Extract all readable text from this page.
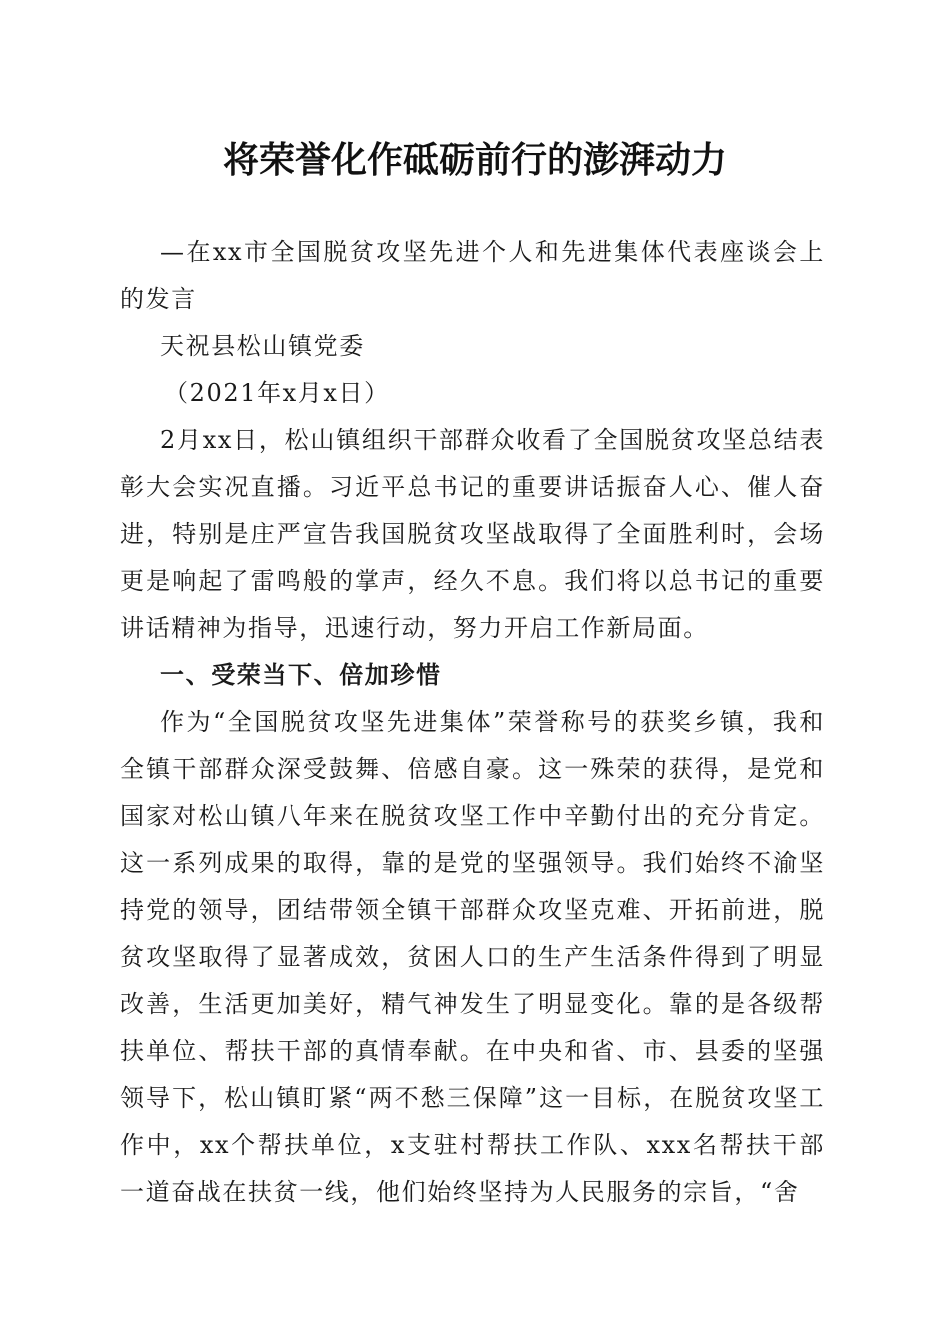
将荣誉化作砥砺前行的澎湃动力

—在xx市全国脱贫攻坚先进个人和先进集体代表座谈会上的发言

天祝县松山镇党委

（2021年x月x日）

2月xx日，松山镇组织干部群众收看了全国脱贫攻坚总结表彰大会实况直播。习近平总书记的重要讲话振奋人心、催人奋进，特别是庄严宣告我国脱贫攻坚战取得了全面胜利时，会场更是响起了雷鸣般的掌声，经久不息。我们将以总书记的重要讲话精神为指导，迅速行动，努力开启工作新局面。

一、受荣当下、倍加珍惜

作为“全国脱贫攻坚先进集体”荣誉称号的获奖乡镇，我和全镇干部群众深受鼓舞、倍感自豪。这一殊荣的获得，是党和国家对松山镇八年来在脱贫攻坚工作中辛勤付出的充分肯定。这一系列成果的取得，靠的是党的坚强领导。我们始终不渝坚持党的领导，团结带领全镇干部群众攻坚克难、开拓前进，脱贫攻坚取得了显著成效，贫困人口的生产生活条件得到了明显改善，生活更加美好，精气神发生了明显变化。靠的是各级帮扶单位、帮扶干部的真情奉献。在中央和省、市、县委的坚强领导下，松山镇盯紧“两不愁三保障”这一目标，在脱贫攻坚工作中，xx个帮扶单位，x支驻村帮扶工作队、xxx名帮扶干部一道奋战在扶贫一线，他们始终坚持为人民服务的宗旨，“舍
